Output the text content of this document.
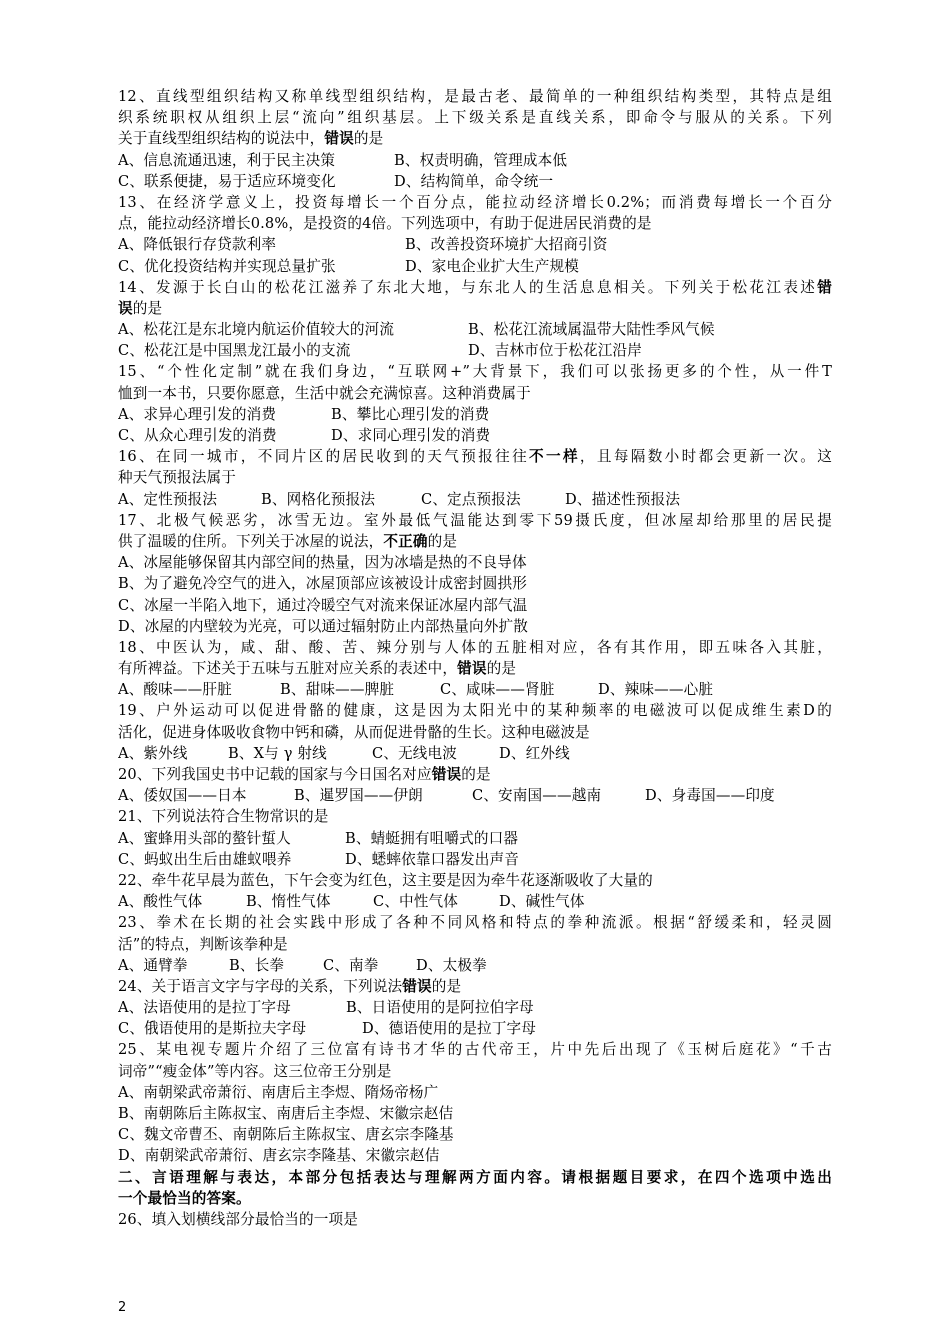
12、直线型组织结构又称单线型组织结构，是最古老、最简单的一种组织结构类型，其特点是组
织系统职权从组织上层“流向”组织基层。上下级关系是直线关系，即命令与服从的关系。下列
关于直线型组织结构的说法中，错误的是
A、信息流通迅速，利于民主决策	B、权责明确，管理成本低
C、联系便捷，易于适应环境变化	D、结构简单，命令统一
13、在经济学意义上，投资每增长一个百分点，能拉动经济增长0.2%；而消费每增长一个百分
点，能拉动经济增长0.8%，是投资的4倍。下列选项中，有助于促进居民消费的是
A、降低银行存贷款利率	B、改善投资环境扩大招商引资
C、优化投资结构并实现总量扩张	D、家电企业扩大生产规模
14、发源于长白山的松花江滋养了东北大地，与东北人的生活息息相关。下列关于松花江表述错
误的是
A、松花江是东北境内航运价值较大的河流	B、松花江流域属温带大陆性季风气候
C、松花江是中国黑龙江最小的支流	D、吉林市位于松花江沿岸
15、“个性化定制”就在我们身边，“互联网+”大背景下，我们可以张扬更多的个性，从一件T
恤到一本书，只要你愿意，生活中就会充满惊喜。这种消费属于
A、求异心理引发的消费	B、攀比心理引发的消费
C、从众心理引发的消费	D、求同心理引发的消费
16、在同一城市，不同片区的居民收到的天气预报往往不一样，且每隔数小时都会更新一次。这
种天气预报法属于
A、定性预报法	B、网格化预报法	C、定点预报法	D、描述性预报法
17、北极气候恶劣，冰雪无边。室外最低气温能达到零下59摄氏度，但冰屋却给那里的居民提
供了温暖的住所。下列关于冰屋的说法，不正确的是
A、冰屋能够保留其内部空间的热量，因为冰墙是热的不良导体
B、为了避免冷空气的进入，冰屋顶部应该被设计成密封圆拱形
C、冰屋一半陷入地下，通过冷暖空气对流来保证冰屋内部气温
D、冰屋的内壁较为光亮，可以通过辐射防止内部热量向外扩散
18、中医认为，咸、甜、酸、苦、辣分别与人体的五脏相对应，各有其作用，即五味各入其脏，
有所裨益。下述关于五味与五脏对应关系的表述中，错误的是
A、酸味——肝脏	B、甜味——脾脏	C、咸味——肾脏	D、辣味——心脏
19、户外运动可以促进骨骼的健康，这是因为太阳光中的某种频率的电磁波可以促成维生素D的
活化，促进身体吸收食物中钙和磷，从而促进骨骼的生长。这种电磁波是
A、紫外线	B、X与 γ 射线	C、无线电波	D、红外线
20、下列我国史书中记载的国家与今日国名对应错误的是
A、倭奴国——日本	B、暹罗国——伊朗	C、安南国——越南	D、身毒国——印度
21、下列说法符合生物常识的是
A、蜜蜂用头部的螯针蜇人	B、蜻蜓拥有咀嚼式的口器
C、蚂蚁出生后由雄蚁喂养	D、蟋蟀依靠口器发出声音
22、牵牛花早晨为蓝色，下午会变为红色，这主要是因为牵牛花逐渐吸收了大量的
A、酸性气体	B、惰性气体	C、中性气体	D、碱性气体
23、拳术在长期的社会实践中形成了各种不同风格和特点的拳种流派。根据“舒缓柔和，轻灵圆
活”的特点，判断该拳种是
A、通臂拳	B、长拳	C、南拳	D、太极拳
24、关于语言文字与字母的关系，下列说法错误的是
A、法语使用的是拉丁字母	B、日语使用的是阿拉伯字母
C、俄语使用的是斯拉夫字母	D、德语使用的是拉丁字母
25、某电视专题片介绍了三位富有诗书才华的古代帝王，片中先后出现了《玉树后庭花》“千古
词帝”“瘦金体”等内容。这三位帝王分别是
A、南朝梁武帝萧衍、南唐后主李煜、隋炀帝杨广
B、南朝陈后主陈叔宝、南唐后主李煜、宋徽宗赵佶
C、魏文帝曹丕、南朝陈后主陈叔宝、唐玄宗李隆基
D、南朝梁武帝萧衍、唐玄宗李隆基、宋徽宗赵佶
二、言语理解与表达，本部分包括表达与理解两方面内容。请根据题目要求，在四个选项中选出
一个最恰当的答案。
26、填入划横线部分最恰当的一项是
2
